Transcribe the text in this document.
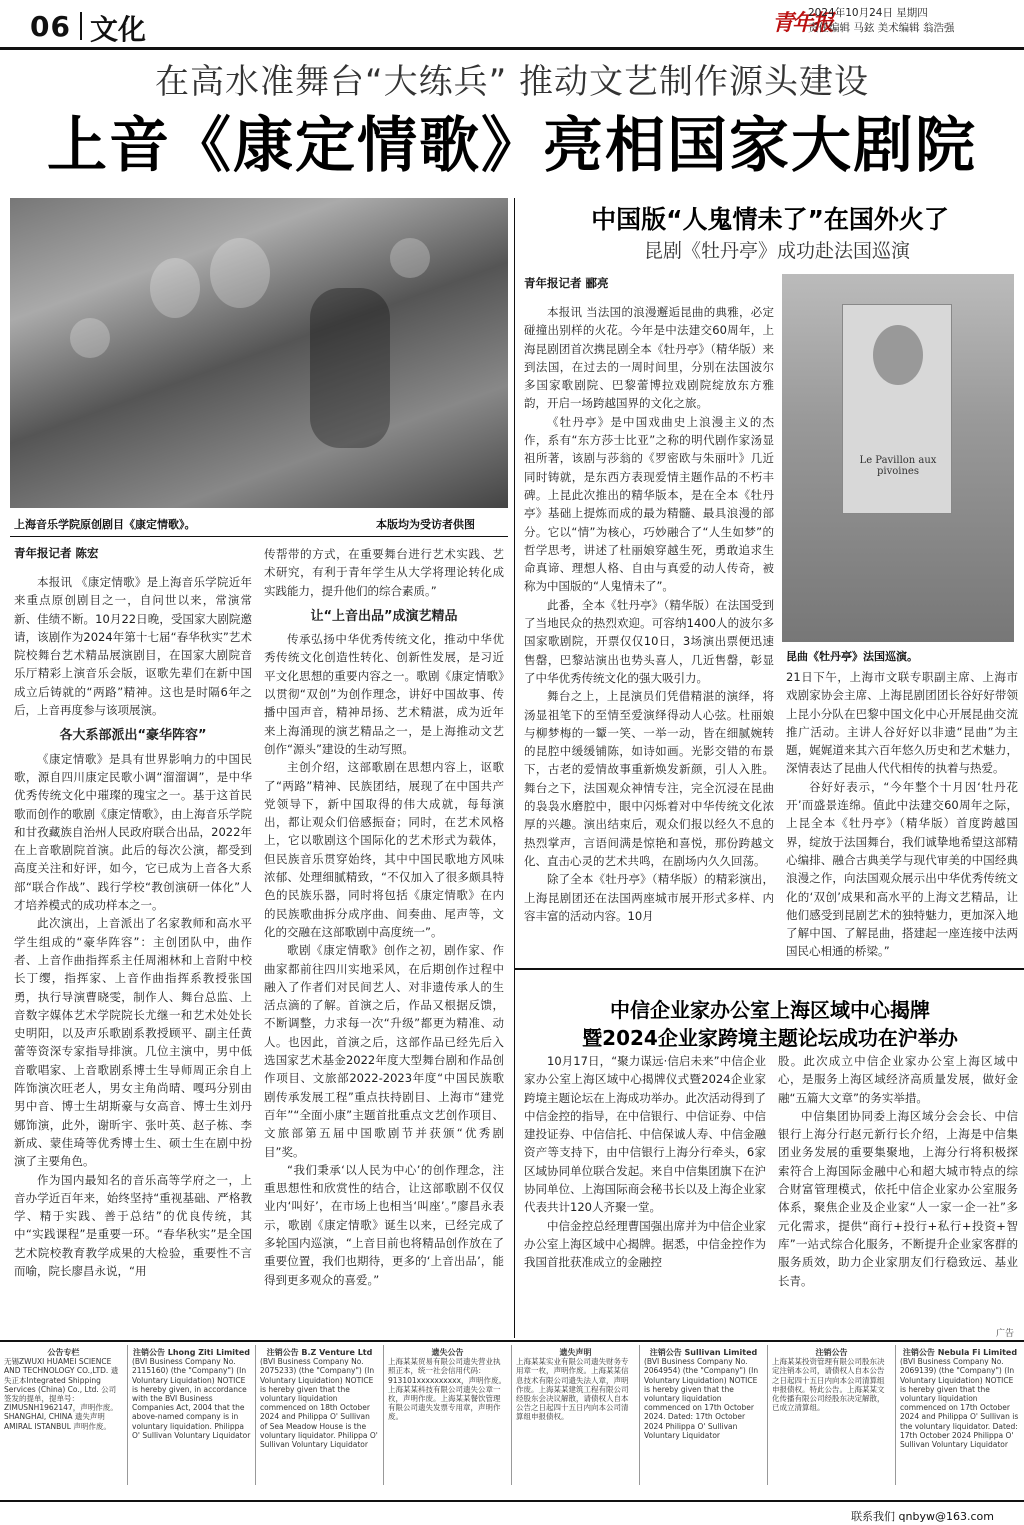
06 文化	青年报
2024年10月24日 星期四
责任编辑 马鉉 美术编辑 翁浩强
在高水准舞台“大练兵” 推动文艺制作源头建设
上音《康定情歌》亮相国家大剧院
上海音乐学院原创剧目《康定情歌》。	本版均为受访者供图
青年报记者 陈宏

本报讯 《康定情歌》是上海音乐学院近年来重点原创剧目之一，自问世以来，常演常新、佳绩不断。10月22日晚，受国家大剧院邀请，该剧作为2024年第十七届“春华秋实”艺术院校舞台艺术精品展演剧目，在国家大剧院音乐厅精彩上演音乐会版，讴歌先辈们在新中国成立后铸就的“两路”精神。这也是时隔6年之后，上音再度参与该项展演。

各大系部派出“豪华阵容”

《康定情歌》是具有世界影响力的中国民歌，源自四川康定民歌小调“溜溜调”，是中华优秀传统文化中璀璨的瑰宝之一。基于这首民歌而创作的歌剧《康定情歌》，由上海音乐学院和甘孜藏族自治州人民政府联合出品，2022年在上音歌剧院首演。此后的每次公演，都受到高度关注和好评，如今，它已成为上音各大系部“联合作战”、践行学校“教创演研一体化”人才培养模式的成功样本之一。

此次演出，上音派出了名家教师和高水平学生组成的“豪华阵容”：主创团队中，曲作者、上音作曲指挥系主任周湘林和上音附中校长丁缨，指挥家、上音作曲指挥系教授张国勇，执行导演曹晓雯，制作人、舞台总监、上音数字媒体艺术学院院长尤继一和艺术处处长史明阳，以及声乐歌剧系教授顾平、副主任黄蕾等资深专家指导排演。几位主演中，男中低音歌唱家、上音歌剧系博士生导师周正余自上阵饰演次旺老人，男女主角尚晴、嘎玛分别由男中音、博士生胡斯豪与女高音、博士生刘丹娜饰演，此外，谢昕宇、张叶英、赵子栋、李新成、蒙佳琦等优秀博士生、硕士生在剧中扮演了主要角色。

作为国内最知名的音乐高等学府之一，上音办学近百年来，始终坚持“重视基础、严格教学、精于实践、善于总结”的优良传统，其中“实践课程”是重要一环。“春华秋实”是全国艺术院校教育教学成果的大检验，重要性不言而喻，院长廖昌永说，“用

传帮带的方式，在重要舞台进行艺术实践、艺术研究，有利于青年学生从大学将理论转化成实践能力，提升他们的综合素质。”

让“上音出品”成演艺精品

传承弘扬中华优秀传统文化，推动中华优秀传统文化创造性转化、创新性发展，是习近平文化思想的重要内容之一。歌剧《康定情歌》以贯彻“双创”为创作理念，讲好中国故事、传播中国声音，精神昂扬、艺术精湛，成为近年来上海涌现的演艺精品之一，是上海推动文艺创作“源头”建设的生动写照。

主创介绍，这部歌剧在思想内容上，讴歌了“两路”精神、民族团结，展现了在中国共产党领导下，新中国取得的伟大成就，每每演出，都让观众们倍感振奋；同时，在艺术风格上，它以歌剧这个国际化的艺术形式为载体，但民族音乐贯穿始终，其中中国民歌地方风味浓郁、处理细腻精致，“不仅加入了很多颇具特色的民族乐器，同时将包括《康定情歌》在内的民族歌曲拆分成序曲、间奏曲、尾声等，文化的交融在这部歌剧中高度统一”。

歌剧《康定情歌》创作之初，剧作家、作曲家都前往四川实地采风，在后期创作过程中融入了作者们对民间艺人、对非遗传承人的生活点滴的了解。首演之后，作品又根据反馈，不断调整，力求每一次“升级”都更为精准、动人。也因此，首演之后，这部作品已经先后入选国家艺术基金2022年度大型舞台剧和作品创作项目、文旅部2022-2023年度“中国民族歌剧传承发展工程”重点扶持剧目、上海市“建党百年”“全面小康”主题首批重点文艺创作项目、文旅部第五届中国歌剧节并获颁“优秀剧目”奖。

“我们秉承‘以人民为中心’的创作理念，注重思想性和欣赏性的结合，让这部歌剧不仅仅业内‘叫好’，在市场上也相当‘叫座’。”廖昌永表示，歌剧《康定情歌》诞生以来，已经完成了多轮国内巡演，“上音目前也将精品创作放在了重要位置，我们也期待，更多的‘上音出品’，能得到更多观众的喜爱。”

中国版“人鬼情未了”在国外火了
昆剧《牡丹亭》成功赴法国巡演
青年报记者 郦亮

本报讯 当法国的浪漫邂逅昆曲的典雅，必定碰撞出别样的火花。今年是中法建交60周年，上海昆剧团首次携昆剧全本《牡丹亭》（精华版）来到法国，在过去的一周时间里，分别在法国波尔多国家歌剧院、巴黎蕾博拉戏剧院绽放东方雅韵，开启一场跨越国界的文化之旅。

《牡丹亭》是中国戏曲史上浪漫主义的杰作，系有“东方莎士比亚”之称的明代剧作家汤显祖所著，该剧与莎翁的《罗密欧与朱丽叶》几近同时铸就，是东西方表现爱情主题作品的不朽丰碑。上昆此次推出的精华版本，是在全本《牡丹亭》基础上提炼而成的最为精髓、最具浪漫的部分。它以“情”为核心，巧妙融合了“人生如梦”的哲学思考，讲述了杜丽娘穿越生死，勇敢追求生命真谛、理想人格、自由与真爱的动人传奇，被称为中国版的“人鬼情未了”。

此番，全本《牡丹亭》（精华版）在法国受到了当地民众的热烈欢迎。可容纳1400人的波尔多国家歌剧院，开票仅仅10日，3场演出票便迅速售罄，巴黎站演出也势头喜人，几近售罄，彰显了中华优秀传统文化的强大吸引力。

舞台之上，上昆演员们凭借精湛的演绎，将汤显祖笔下的至情至爱演绎得动人心弦。杜丽娘与柳梦梅的一颦一笑、一举一动，皆在细腻婉转的昆腔中缓缓铺陈，如诗如画。光影交错的布景下，古老的爱情故事重新焕发新颜，引人入胜。舞台之下，法国观众神情专注，完全沉浸在昆曲的袅袅水磨腔中，眼中闪烁着对中华传统文化浓厚的兴趣。演出结束后，观众们报以经久不息的热烈掌声，言语间满是惊艳和喜悦，那份跨越文化、直击心灵的艺术共鸣，在剧场内久久回荡。

除了全本《牡丹亭》（精华版）的精彩演出，上海昆剧团还在法国两座城市展开形式多样、内容丰富的活动内容。10月

Le Pavillon aux pivoines
昆曲《牡丹亭》法国巡演。

21日下午，上海市文联专职副主席、上海市戏剧家协会主席、上海昆剧团团长谷好好带领上昆小分队在巴黎中国文化中心开展昆曲交流推广活动。主讲人谷好好以非遗“昆曲”为主题，娓娓道来其六百年悠久历史和艺术魅力，深情表达了昆曲人代代相传的执着与热爱。

谷好好表示，“今年整个十月因‘牡丹花开’而盛景连绵。值此中法建交60周年之际，上昆全本《牡丹亭》（精华版）首度跨越国界，绽放于法国舞台，我们诚挚地希望这部精心编排、融合古典美学与现代审美的中国经典浪漫之作，向法国观众展示出中华优秀传统文化的‘双创’成果和高水平的上海文艺精品，让他们感受到昆剧艺术的独特魅力，更加深入地了解中国、了解昆曲，搭建起一座连接中法两国民心相通的桥梁。”

中信企业家办公室上海区域中心揭牌
暨2024企业家跨境主题论坛成功在沪举办

10月17日，“聚力谋远·信启未来”中信企业家办公室上海区域中心揭牌仪式暨2024企业家跨境主题论坛在上海成功举办。此次活动得到了中信金控的指导，在中信银行、中信证券、中信建投证券、中信信托、中信保诚人寿、中信金融资产等支持下，由中信银行上海分行牵头，6家区域协同单位联合发起。来自中信集团旗下在沪协同单位、上海国际商会秘书长以及上海企业家代表共计120人齐聚一堂。

中信金控总经理曹国强出席并为中信企业家办公室上海区域中心揭牌。据悉，中信金控作为我国首批获准成立的金融控

股。此次成立中信企业家办公室上海区域中心，是服务上海区域经济高质量发展，做好金融“五篇大文章”的务实举措。

中信集团协同委上海区域分会会长、中信银行上海分行赵元新行长介绍，上海是中信集团业务发展的重要集聚地，上海分行将积极探索符合上海国际金融中心和超大城市特点的综合财富管理模式，依托中信企业家办公室服务体系，聚焦企业及企业家“人一家一企一社”多元化需求，提供“商行+投行+私行+投资+智库”一站式综合化服务，不断提升企业家客群的服务质效，助力企业家朋友们行稳致远、基业长青。

广告
公告专栏
无锡ZWUXI HUAMEI SCIENCE AND TECHNOLOGY CO.,LTD. 遗失正本Integrated Shipping Services (China) Co., Ltd. 公司签发的提单，提单号：ZIMUSNH1962147，声明作废。SHANGHAI, CHINA 遗失声明 AMIRAL ISTANBUL 声明作废。
注销公告 Lhong Ziti Limited
(BVI Business Company No. 2115160) (the "Company") (In Voluntary Liquidation) NOTICE is hereby given, in accordance with the BVI Business Companies Act, 2004 that the above-named company is in voluntary liquidation. Philippa O' Sullivan Voluntary Liquidator
注销公告 B.Z Venture Ltd
(BVI Business Company No. 2075233) (the "Company") (In Voluntary Liquidation) NOTICE is hereby given that the voluntary liquidation commenced on 18th October 2024 and Philippa O' Sullivan of Sea Meadow House is the voluntary liquidator. Philippa O' Sullivan Voluntary Liquidator
遗失公告
上海某某贸易有限公司遗失营业执照正本，统一社会信用代码：913101xxxxxxxxxx，声明作废。上海某某科技有限公司遗失公章一枚，声明作废。上海某某餐饮管理有限公司遗失发票专用章，声明作废。
遗失声明
上海某某实业有限公司遗失财务专用章一枚，声明作废。上海某某信息技术有限公司遗失法人章，声明作废。上海某某建筑工程有限公司经股东会决议解散，请债权人自本公告之日起四十五日内向本公司清算组申报债权。
注销公告 Sullivan Limited
(BVI Business Company No. 2064954) (the "Company") (In Voluntary Liquidation) NOTICE is hereby given that the voluntary liquidation commenced on 17th October 2024. Dated: 17th October 2024 Philippa O' Sullivan Voluntary Liquidator
注销公告
上海某某投资管理有限公司股东决定注销本公司，请债权人自本公告之日起四十五日内向本公司清算组申报债权。特此公告。上海某某文化传播有限公司经股东决定解散，已成立清算组。
注销公告 Nebula Fi Limited
(BVI Business Company No. 2069139) (the "Company") (In Voluntary Liquidation) NOTICE is hereby given that the voluntary liquidation commenced on 17th October 2024 and Philippa O' Sullivan is the voluntary liquidator. Dated: 17th October 2024 Philippa O' Sullivan Voluntary Liquidator
联系我们 qnbyw@163.com
